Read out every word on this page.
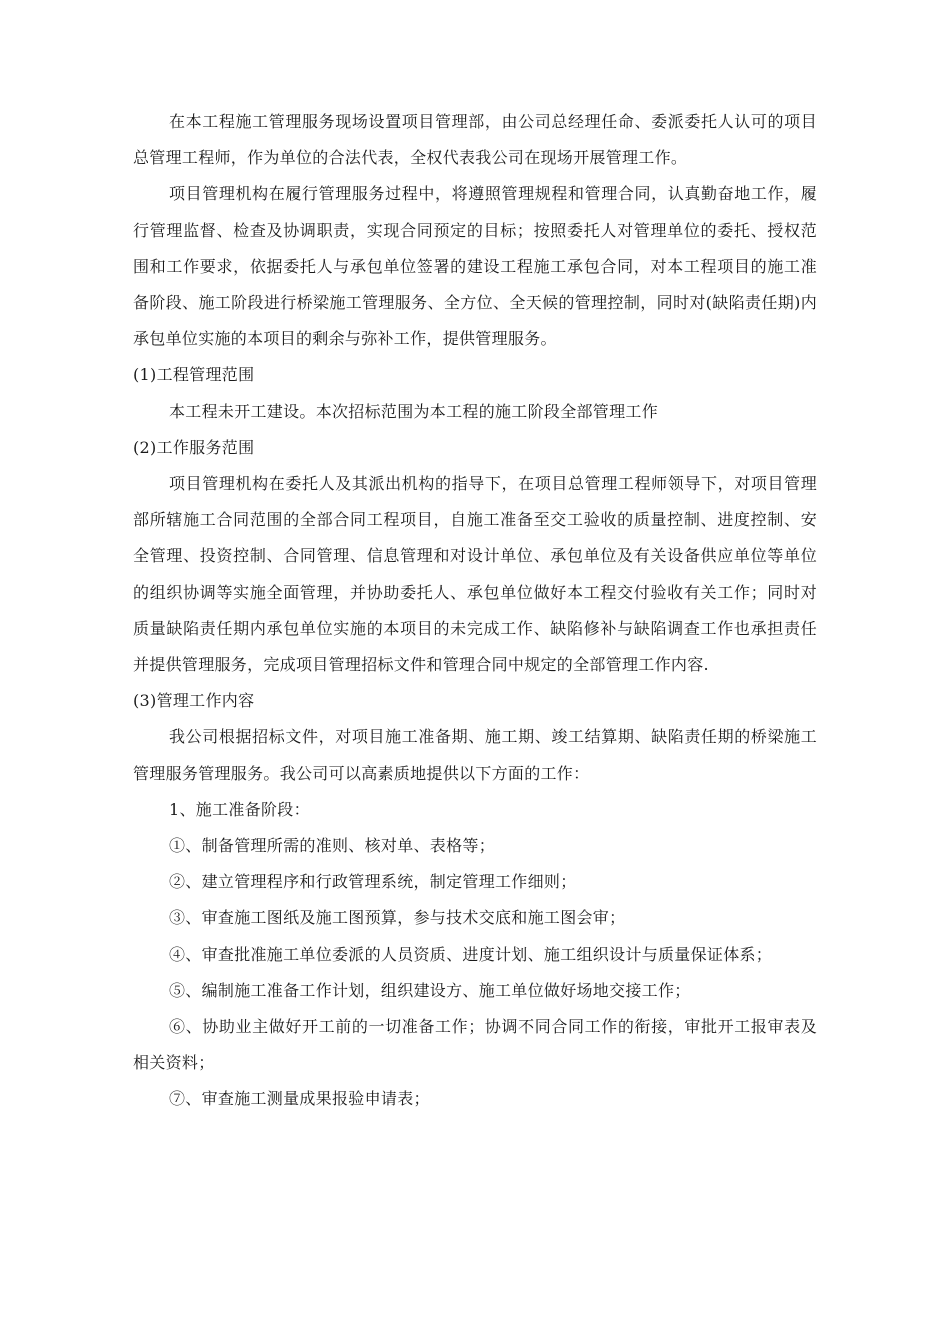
在本工程施工管理服务现场设置项目管理部，由公司总经理任命、委派委托人认可的项目总管理工程师，作为单位的合法代表，全权代表我公司在现场开展管理工作。

项目管理机构在履行管理服务过程中，将遵照管理规程和管理合同，认真勤奋地工作，履行管理监督、检查及协调职责，实现合同预定的目标；按照委托人对管理单位的委托、授权范围和工作要求，依据委托人与承包单位签署的建设工程施工承包合同，对本工程项目的施工准备阶段、施工阶段进行桥梁施工管理服务、全方位、全天候的管理控制，同时对(缺陷责任期)内承包单位实施的本项目的剩余与弥补工作，提供管理服务。

(1)工程管理范围

本工程未开工建设。本次招标范围为本工程的施工阶段全部管理工作

(2)工作服务范围

项目管理机构在委托人及其派出机构的指导下，在项目总管理工程师领导下，对项目管理部所辖施工合同范围的全部合同工程项目，自施工准备至交工验收的质量控制、进度控制、安全管理、投资控制、合同管理、信息管理和对设计单位、承包单位及有关设备供应单位等单位的组织协调等实施全面管理，并协助委托人、承包单位做好本工程交付验收有关工作；同时对质量缺陷责任期内承包单位实施的本项目的未完成工作、缺陷修补与缺陷调查工作也承担责任并提供管理服务，完成项目管理招标文件和管理合同中规定的全部管理工作内容.

(3)管理工作内容

我公司根据招标文件，对项目施工准备期、施工期、竣工结算期、缺陷责任期的桥梁施工管理服务管理服务。我公司可以高素质地提供以下方面的工作：

1、施工准备阶段：

①、制备管理所需的准则、核对单、表格等；

②、建立管理程序和行政管理系统，制定管理工作细则；

③、审查施工图纸及施工图预算，参与技术交底和施工图会审；

④、审查批准施工单位委派的人员资质、进度计划、施工组织设计与质量保证体系；

⑤、编制施工准备工作计划，组织建设方、施工单位做好场地交接工作；

⑥、协助业主做好开工前的一切准备工作；协调不同合同工作的衔接，审批开工报审表及相关资料；

⑦、审查施工测量成果报验申请表；
